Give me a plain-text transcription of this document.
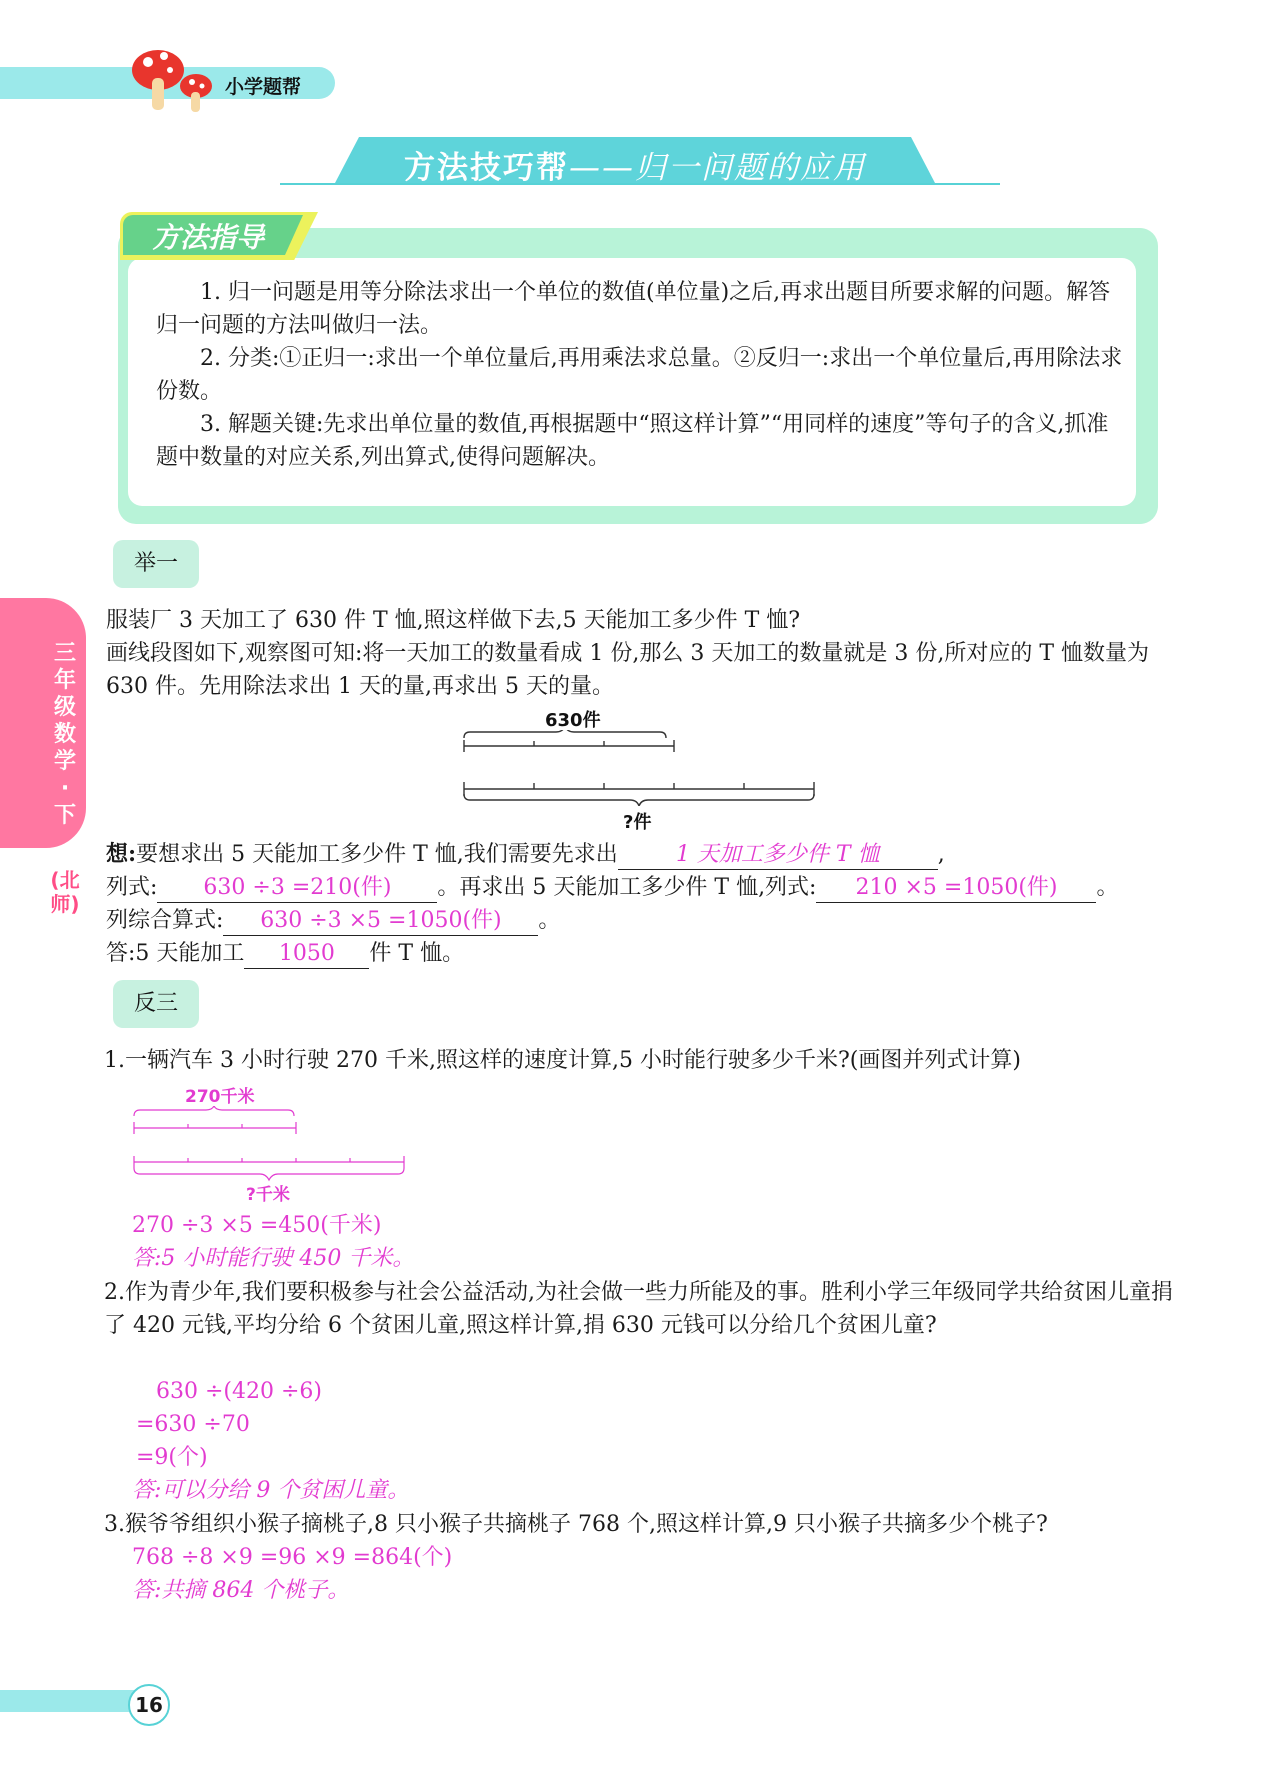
小学题帮
方法技巧帮——归一问题的应用
方法指导

1. 归一问题是用等分除法求出一个单位的数值(单位量)之后,再求出题目所要求解的问题。解答归一问题的方法叫做归一法。

2. 分类:①正归一:求出一个单位量后,再用乘法求总量。②反归一:求出一个单位量后,再用除法求份数。

3. 解题关键:先求出单位量的数值,再根据题中“照这样计算”“用同样的速度”等句子的含义,抓准题中数量的对应关系,列出算式,使得问题解决。

三年级数学·下
(北师)
举一
服装厂 3 天加工了 630 件 T 恤,照这样做下去,5 天能加工多少件 T 恤?
画线段图如下,观察图可知:将一天加工的数量看成 1 份,那么 3 天加工的数量就是 3 份,所对应的 T 恤数量为 630 件。先用除法求出 1 天的量,再求出 5 天的量。
630件
?件
想:要想求出 5 天能加工多少件 T 恤,我们需要先求出	1 天加工多少件 T 恤	,
列式: 630 ÷3 =210(件) 。再求出 5 天能加工多少件 T 恤,列式: 210 ×5 =1050(件) 。
列综合算式: 630 ÷3 ×5 =1050(件) 。
答:5 天能加工 1050 件 T 恤。
反三
1.一辆汽车 3 小时行驶 270 千米,照这样的速度计算,5 小时能行驶多少千米?(画图并列式计算)
270千米
?千米
270 ÷3 ×5 =450(千米)
答:5 小时能行驶 450 千米。
2.作为青少年,我们要积极参与社会公益活动,为社会做一些力所能及的事。胜利小学三年级同学共给贫困儿童捐了 420 元钱,平均分给 6 个贫困儿童,照这样计算,捐 630 元钱可以分给几个贫困儿童?
630 ÷(420 ÷6)
=630 ÷70
=9(个)
答:可以分给 9 个贫困儿童。
3.猴爷爷组织小猴子摘桃子,8 只小猴子共摘桃子 768 个,照这样计算,9 只小猴子共摘多少个桃子?
768 ÷8 ×9 =96 ×9 =864(个)
答:共摘 864 个桃子。
16
